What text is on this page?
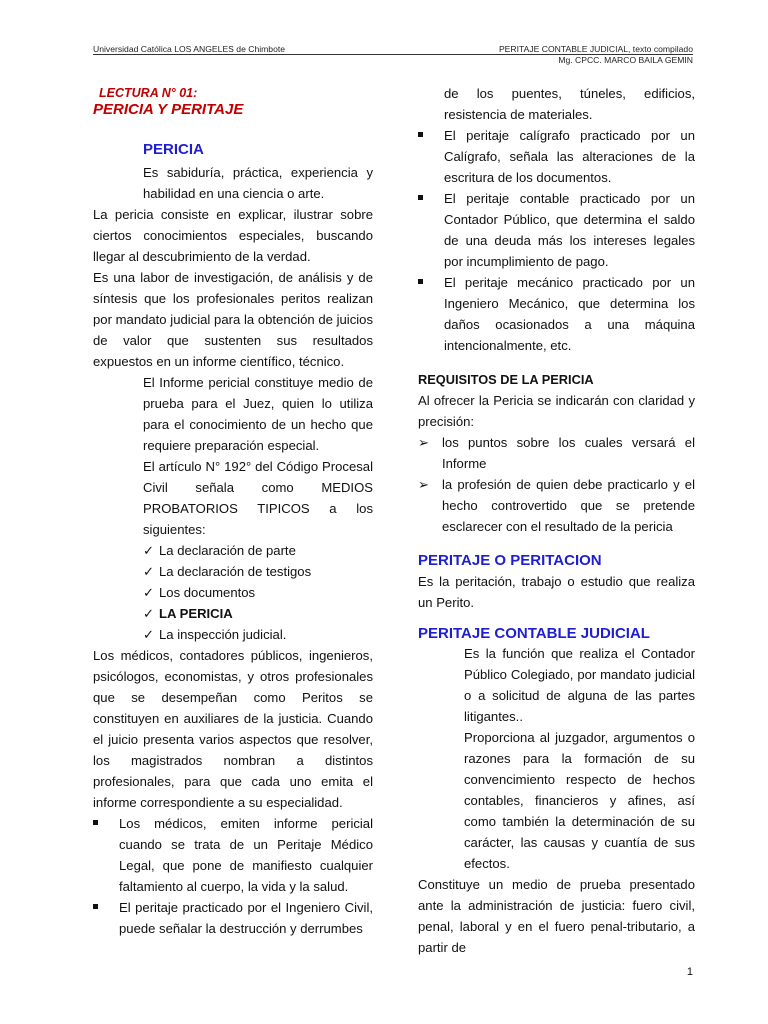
Universidad Católica LOS ANGELES de Chimbote	PERITAJE CONTABLE JUDICIAL, texto compilado
Mg. CPCC. MARCO BAILA GEMIN

LECTURA N° 01:

PERICIA Y PERITAJE

PERICIA

Es sabiduría, práctica, experiencia y habilidad en una ciencia o arte.

La pericia consiste en explicar, ilustrar sobre ciertos conocimientos especiales, buscando llegar al descubrimiento de la verdad.

Es una labor de investigación, de análisis y de síntesis que los profesionales peritos realizan por mandato judicial para la obtención de juicios de valor que sustenten sus resultados expuestos en un informe científico, técnico.

El Informe pericial constituye medio de prueba para el Juez, quien lo utiliza para el conocimiento de un hecho que requiere preparación especial.

El artículo N° 192° del Código Procesal Civil señala como MEDIOS PROBATORIOS TIPICOS a los siguientes:

✓ La declaración de parte
✓ La declaración de testigos
✓ Los documentos
✓ LA PERICIA
✓ La inspección judicial.

Los médicos, contadores públicos, ingenieros, psicólogos, economistas, y otros profesionales que se desempeñan como Peritos se constituyen en auxiliares de la justicia. Cuando el juicio presenta varios aspectos que resolver, los magistrados nombran a distintos profesionales, para que cada uno emita el informe correspondiente a su especialidad.

Los médicos, emiten informe pericial cuando se trata de un Peritaje Médico Legal, que pone de manifiesto cualquier faltamiento al cuerpo, la vida y la salud.

El peritaje practicado por el Ingeniero Civil, puede señalar la destrucción y derrumbes

de los puentes, túneles, edificios, resistencia de materiales.

El peritaje calígrafo practicado por un Calígrafo, señala las alteraciones de la escritura de los documentos.

El peritaje contable practicado por un Contador Público, que determina el saldo de una deuda más los intereses legales por incumplimiento de pago.

El peritaje mecánico practicado por un Ingeniero Mecánico, que determina los daños ocasionados a una máquina intencionalmente, etc.

REQUISITOS DE LA PERICIA

Al ofrecer la Pericia se indicarán con claridad y precisión:

➢ los puntos sobre los cuales versará el Informe

➢ la profesión de quien debe practicarlo y el hecho controvertido que se pretende esclarecer con el resultado de la pericia

PERITAJE O PERITACION

Es la peritación, trabajo o estudio que realiza un Perito.

PERITAJE CONTABLE JUDICIAL

Es la función que realiza el Contador Público Colegiado, por mandato judicial o a solicitud de alguna de las partes litigantes..

Proporciona al juzgador, argumentos o razones para la formación de su convencimiento respecto de hechos contables, financieros y afines, así como también la determinación de su carácter, las causas y cuantía de sus efectos.

Constituye un medio de prueba presentado ante la administración de justicia: fuero civil, penal, laboral y en el fuero penal-tributario, a partir de

1
